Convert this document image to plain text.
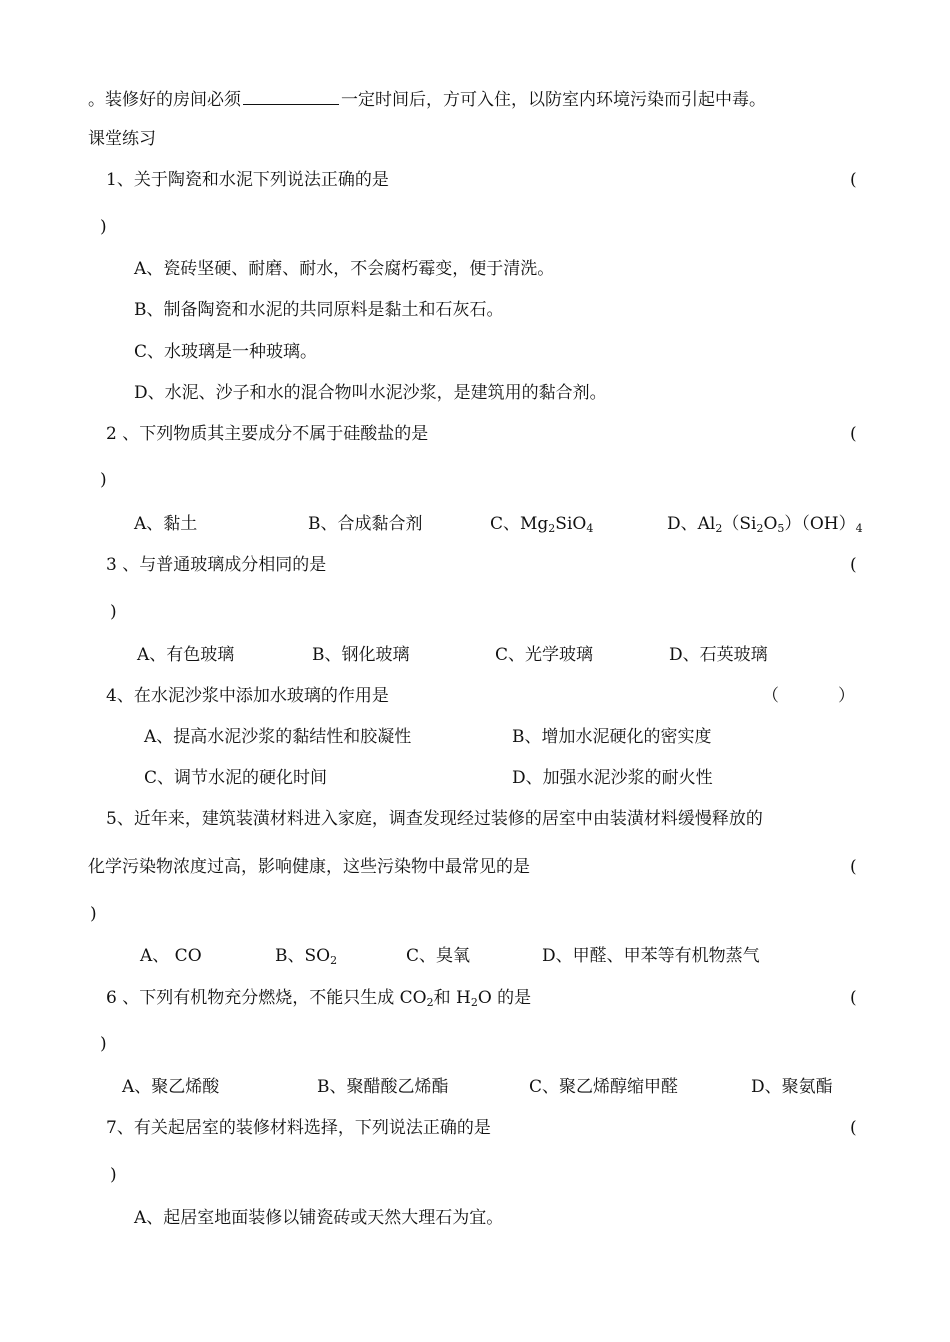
。装修好的房间必须	一定时间后，方可入住，以防室内环境污染而引起中毒。
课堂练习
1、关于陶瓷和水泥下列说法正确的是	(
)
A、瓷砖坚硬、耐磨、耐水，不会腐朽霉变，便于清洗。
B、制备陶瓷和水泥的共同原料是黏土和石灰石。
C、水玻璃是一种玻璃。
D、水泥、沙子和水的混合物叫水泥沙浆，是建筑用的黏合剂。
2 、下列物质其主要成分不属于硅酸盐的是	(
)
A、黏土	B、合成黏合剂	C、$Mg_2SiO_4$	D、$Al_2(Si_2O_5)(OH)_4$
3 、与普通玻璃成分相同的是	(
)
A、有色玻璃	B、钢化玻璃	C、光学玻璃	D、石英玻璃
4、在水泥沙浆中添加水玻璃的作用是	（	）
A、提高水泥沙浆的黏结性和胶凝性	B、增加水泥硬化的密实度
C、调节水泥的硬化时间	D、加强水泥沙浆的耐火性
5、近年来，建筑装潢材料进入家庭，调查发现经过装修的居室中由装潢材料缓慢释放的
化学污染物浓度过高，影响健康，这些污染物中最常见的是	(
)
A、 CO	B、$SO_2$	C、臭氧	D、甲醛、甲苯等有机物蒸气
6 、下列有机物充分燃烧，不能只生成 $CO_2$和 $H_2O$ 的是	(
)
A、聚乙烯酸	B、聚醋酸乙烯酯	C、聚乙烯醇缩甲醛	D、聚氨酯
7、有关起居室的装修材料选择，下列说法正确的是	(
)
A、起居室地面装修以铺瓷砖或天然大理石为宜。
